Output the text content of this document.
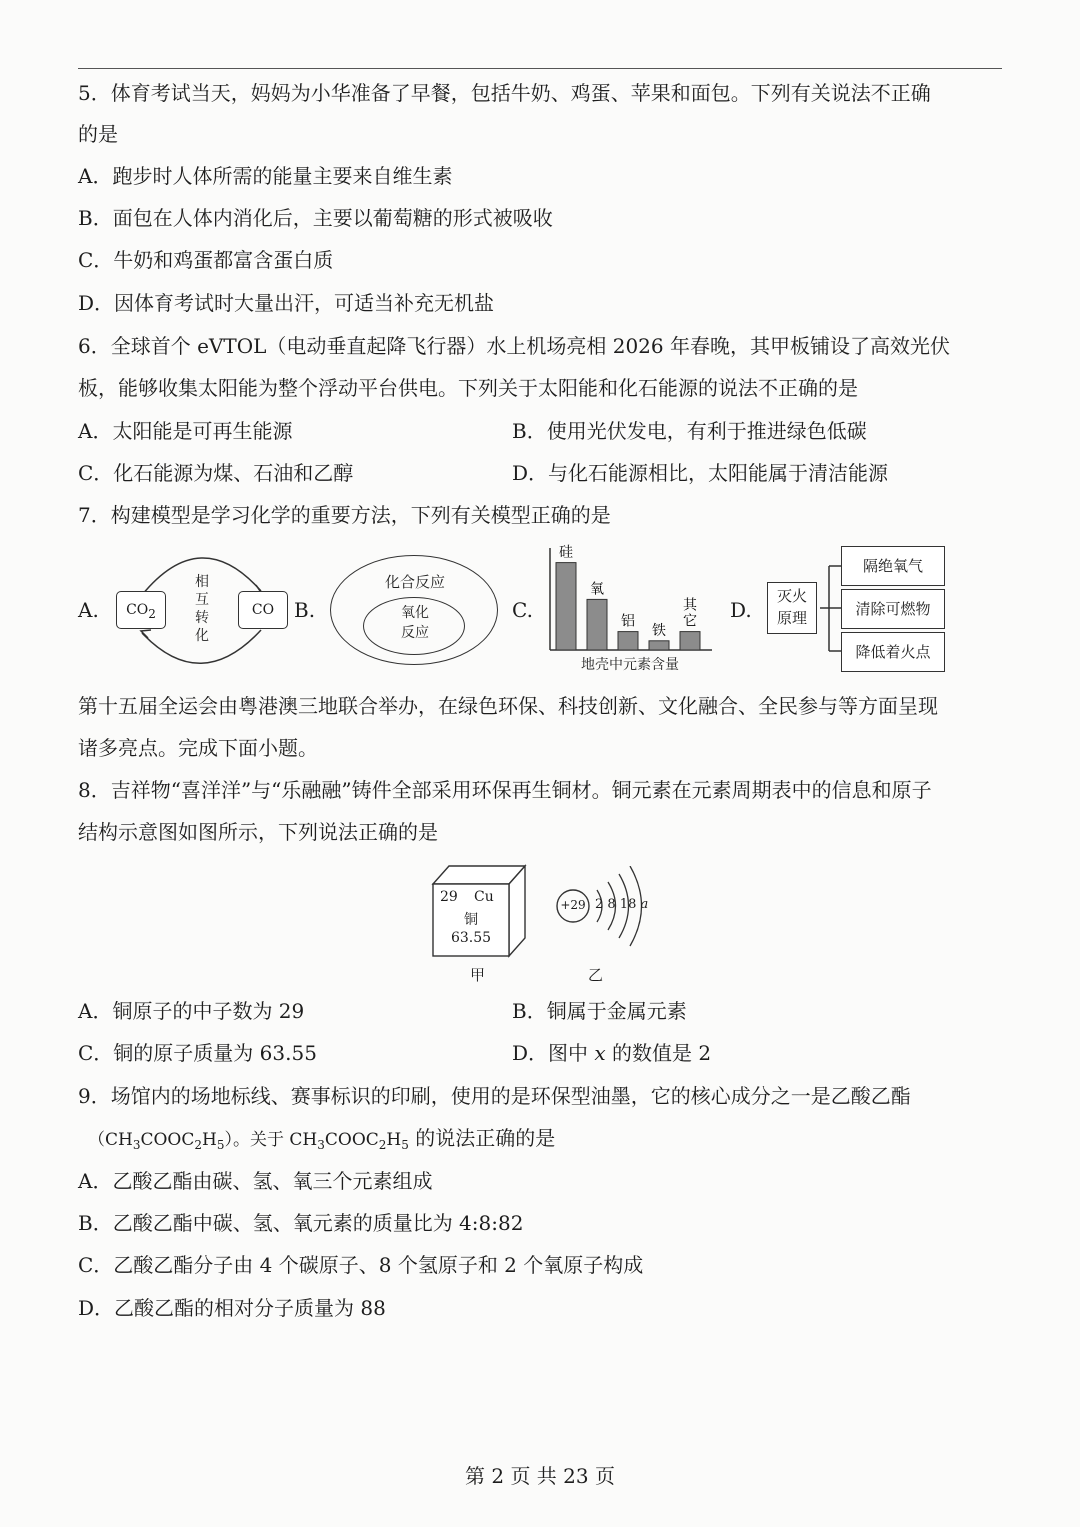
5．体育考试当天，妈妈为小华准备了早餐，包括牛奶、鸡蛋、苹果和面包。下列有关说法不正确
的是
A．跑步时人体所需的能量主要来自维生素
B．面包在人体内消化后，主要以葡萄糖的形式被吸收
C．牛奶和鸡蛋都富含蛋白质
D．因体育考试时大量出汗，可适当补充无机盐
6．全球首个 eVTOL（电动垂直起降飞行器）水上机场亮相 2026 年春晚，其甲板铺设了高效光伏
板，能够收集太阳能为整个浮动平台供电。下列关于太阳能和化石能源的说法不正确的是
A．太阳能是可再生能源	B．使用光伏发电，有利于推进绿色低碳
C．化石能源为煤、石油和乙醇	D．与化石能源相比，太阳能属于清洁能源
7．构建模型是学习化学的重要方法，下列有关模型正确的是
A.	$CO_2$	CO
相
互
转
化
B.
化合反应
氧化
反应
C.
硅
氧
铝
铁
其
它
地壳中元素含量
D.
灭火
原理
隔绝氧气
清除可燃物
降低着火点
第十五届全运会由粤港澳三地联合举办，在绿色环保、科技创新、文化融合、全民参与等方面呈现
诸多亮点。完成下面小题。
8．吉祥物“喜洋洋”与“乐融融”铸件全部采用环保再生铜材。铜元素在元素周期表中的信息和原子
结构示意图如图所示，下列说法正确的是
29 Cu
铜
63.55
甲
+29 2 8 18 a
乙
A．铜原子的中子数为 29	B．铜属于金属元素
C．铜的原子质量为 63.55	D．图中 x 的数值是 2
9．场馆内的场地标线、赛事标识的印刷，使用的是环保型油墨，它的核心成分之一是乙酸乙酯
$(CH_3COOC_2H_5)$。关于 $CH_3COOC_2H_5$ 的说法正确的是
A．乙酸乙酯由碳、氢、氧三个元素组成
B．乙酸乙酯中碳、氢、氧元素的质量比为 4:8:82
C．乙酸乙酯分子由 4 个碳原子、8 个氢原子和 2 个氧原子构成
D．乙酸乙酯的相对分子质量为 88
第 2 页 共 23 页
